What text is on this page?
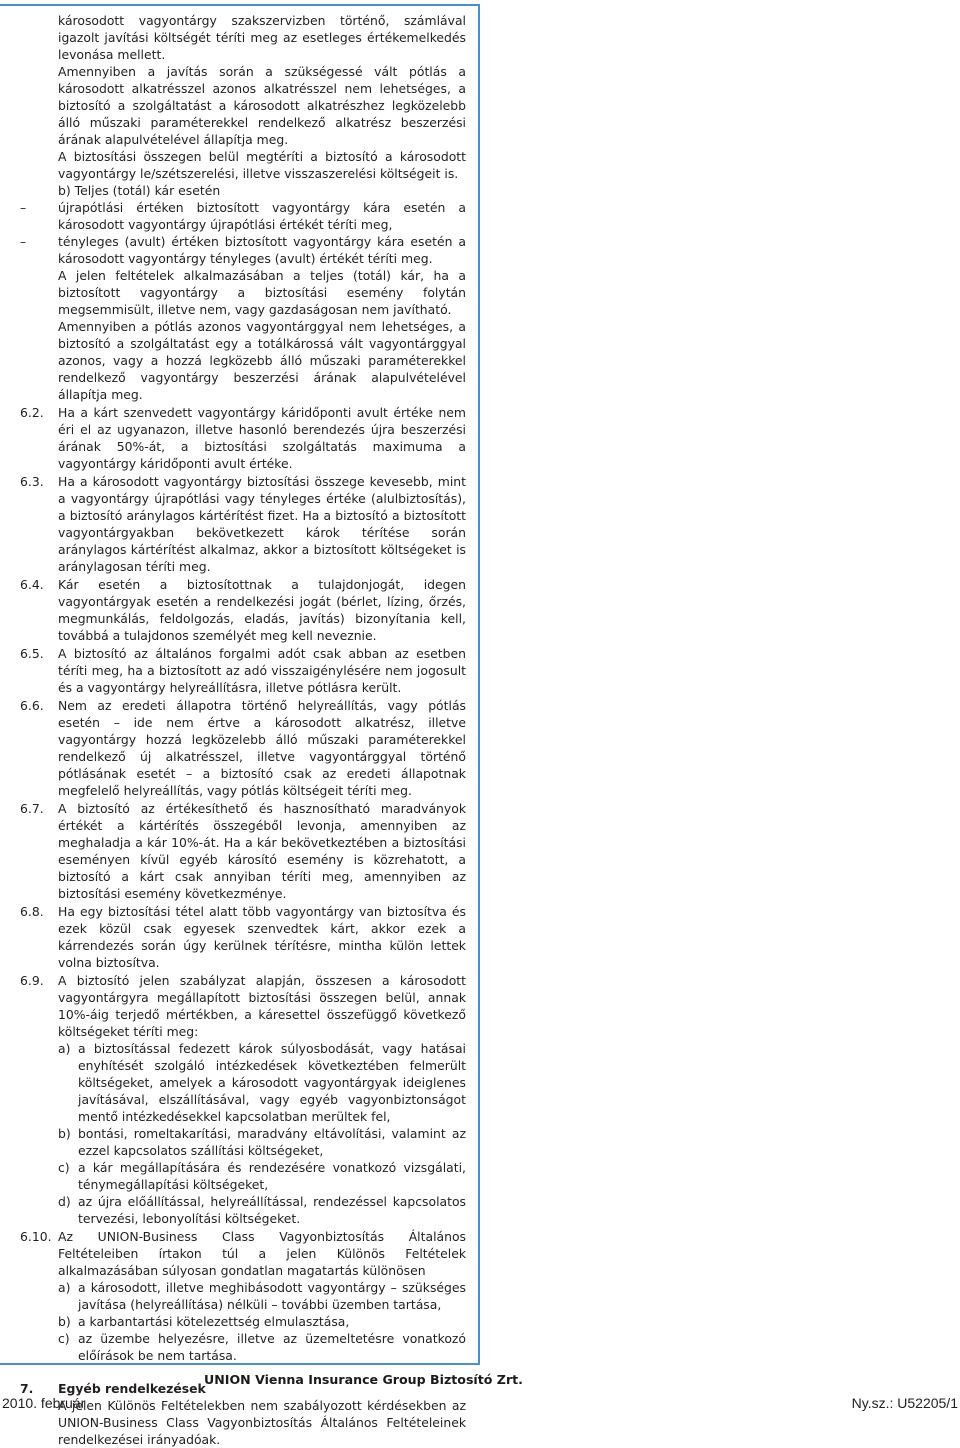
károsodott vagyontárgy szakszervizben történő, számlával igazolt javítási költségét téríti meg az esetleges értékemelkedés levonása mellett.
Amennyiben a javítás során a szükségessé vált pótlás a károsodott alkatrésszel azonos alkatrésszel nem lehetséges, a biztosító a szolgáltatást a károsodott alkatrészhez legközelebb álló műszaki paraméterekkel rendelkező alkatrész beszerzési árának alapulvételével állapítja meg.
A biztosítási összegen belül megtéríti a biztosító a károsodott vagyontárgy le/szétszerelési, illetve visszaszerelési költségeit is.
b) Teljes (totál) kár esetén
–	újrapótlási értéken biztosított vagyontárgy kára esetén a károsodott vagyontárgy újrapótlási értékét téríti meg,
–	tényleges (avult) értéken biztosított vagyontárgy kára esetén a károsodott vagyontárgy tényleges (avult) értékét téríti meg.
A jelen feltételek alkalmazásában a teljes (totál) kár, ha a biztosított vagyontárgy a biztosítási esemény folytán megsemmisült, illetve nem, vagy gazdaságosan nem javítható.
Amennyiben a pótlás azonos vagyontárggyal nem lehetséges, a biztosító a szolgáltatást egy a totálkárossá vált vagyontárggyal azonos, vagy a hozzá legközebb álló műszaki paraméterekkel rendelkező vagyontárgy beszerzési árának alapulvételével állapítja meg.
6.2.	Ha a kárt szenvedett vagyontárgy káridőponti avult értéke nem éri el az ugyanazon, illetve hasonló berendezés újra beszerzési árának 50%-át, a biztosítási szolgáltatás maximuma a vagyontárgy káridőponti avult értéke.
6.3.	Ha a károsodott vagyontárgy biztosítási összege kevesebb, mint a vagyontárgy újrapótlási vagy tényleges értéke (alulbiztosítás), a biztosító aránylagos kártérítést fizet. Ha a biztosító a biztosított vagyontárgyakban bekövetkezett károk térítése során aránylagos kártérítést alkalmaz, akkor a biztosított költségeket is aránylagosan téríti meg.
6.4.	Kár esetén a biztosítottnak a tulajdonjogát, idegen vagyontárgyak esetén a rendelkezési jogát (bérlet, lízing, őrzés, megmunkálás, feldolgozás, eladás, javítás) bizonyítania kell, továbbá a tulajdonos személyét meg kell neveznie.
6.5.	A biztosító az általános forgalmi adót csak abban az esetben téríti meg, ha a biztosított az adó visszaigénylésére nem jogosult és a vagyontárgy helyreállításra, illetve pótlásra került.
6.6.	Nem az eredeti állapotra történő helyreállítás, vagy pótlás esetén – ide nem értve a károsodott alkatrész, illetve vagyontárgy hozzá legközelebb álló műszaki paraméterekkel rendelkező új alkatrésszel, illetve vagyontárggyal történő pótlásának esetét – a biztosító csak az eredeti állapotnak megfelelő helyreállítás, vagy pótlás költségeit téríti meg.
6.7.	A biztosító az értékesíthető és hasznosítható maradványok értékét a kártérítés összegéből levonja, amennyiben az meghaladja a kár 10%-át. Ha a kár bekövetkeztében a biztosítási eseményen kívül egyéb károsító esemény is közrehatott, a biztosító a kárt csak annyiban téríti meg, amennyiben az biztosítási esemény következménye.
6.8.	Ha egy biztosítási tétel alatt több vagyontárgy van biztosítva és ezek közül csak egyesek szenvedtek kárt, akkor ezek a kárrendezés során úgy kerülnek térítésre, mintha külön lettek volna biztosítva.
6.9.	A biztosító jelen szabályzat alapján, összesen a károsodott vagyontárgyra megállapított biztosítási összegen belül, annak 10%-áig terjedő mértékben, a káresettel összefüggő következő költségeket téríti meg:
a) a biztosítással fedezett károk súlyosbodását, vagy hatásai enyhítését szolgáló intézkedések következtében felmerült költségeket, amelyek a károsodott vagyontárgyak ideiglenes javításával, elszállításával, vagy egyéb vagyonbiztonságot mentő intézkedésekkel kapcsolatban merültek fel,
b) bontási, romeltakarítási, maradvány eltávolítási, valamint az ezzel kapcsolatos szállítási költségeket,
c) a kár megállapítására és rendezésére vonatkozó vizsgálati, ténymegállapítási költségeket,
d) az újra előállítással, helyreállítással, rendezéssel kapcsolatos tervezési, lebonyolítási költségeket.
6.10. Az UNION-Business Class Vagyonbiztosítás Általános Feltételeiben írtakon túl a jelen Különös Feltételek alkalmazásában súlyosan gondatlan magatartás különösen
a) a károsodott, illetve meghibásodott vagyontárgy – szükséges javítása (helyreállítása) nélküli – további üzemben tartása,
b) a karbantartási kötelezettség elmulasztása,
c) az üzembe helyezésre, illetve az üzemeltetésre vonatkozó előírások be nem tartása.
7.	Egyéb rendelkezések
A jelen Különös Feltételekben nem szabályozott kérdésekben az UNION-Business Class Vagyonbiztosítás Általános Feltételeinek rendelkezései irányadóak.
UNION Vienna Insurance Group Biztosító Zrt.
2010. február	Ny.sz.: U52205/1
